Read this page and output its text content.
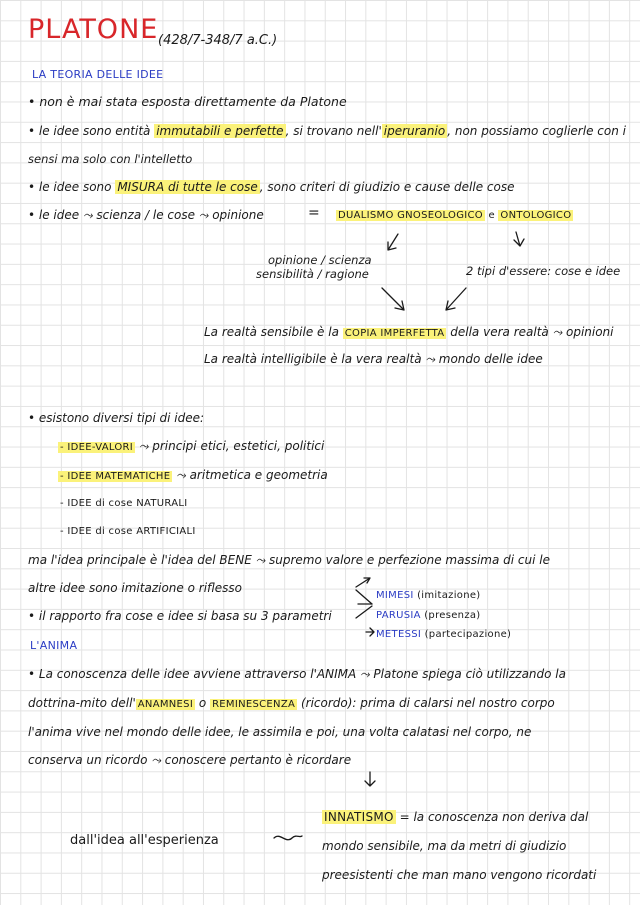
PLATONE (428/7-348/7 a.C.)
LA TEORIA DELLE IDEE
• non è mai stata esposta direttamente da Platone
• le idee sono entità immutabili e perfette , si trovano nell' iperuranio , non possiamo coglierle con i
sensi ma solo con l'intelletto
• le idee sono MISURA di tutte le cose , sono criteri di giudizio e cause delle cose
• le idee ⤳ scienza / le cose ⤳ opinione	= DUALISMO GNOSEOLOGICO e ONTOLOGICO
opinione / scienza
sensibilità / ragione	2 tipi d'essere: cose e idee
La realtà sensibile è la COPIA IMPERFETTA della vera realtà ⤳ opinioni
La realtà intelligibile è la vera realtà ⤳ mondo delle idee
• esistono diversi tipi di idee:
- IDEE-VALORI ⤳ principi etici, estetici, politici
- IDEE MATEMATICHE ⤳ aritmetica e geometria
- IDEE di cose NATURALI
- IDEE di cose ARTIFICIALI
ma l'idea principale è l'idea del BENE ⤳ supremo valore e perfezione massima di cui le
altre idee sono imitazione o riflesso
• il rapporto fra cose e idee si basa su 3 parametri
MIMESI (imitazione)
PARUSIA (presenza)
METESSI (partecipazione)
L'ANIMA
• La conoscenza delle idee avviene attraverso l'ANIMA ⤳ Platone spiega ciò utilizzando la
dottrina-mito dell' ANAMNESI o REMINESCENZA (ricordo): prima di calarsi nel nostro corpo
l'anima vive nel mondo delle idee, le assimila e poi, una volta calatasi nel corpo, ne
conserva un ricordo ⤳ conoscere pertanto è ricordare
INNATISMO = la conoscenza non deriva dal
mondo sensibile, ma da metri di giudizio
preesistenti che man mano vengono ricordati
dall'idea all'esperienza
